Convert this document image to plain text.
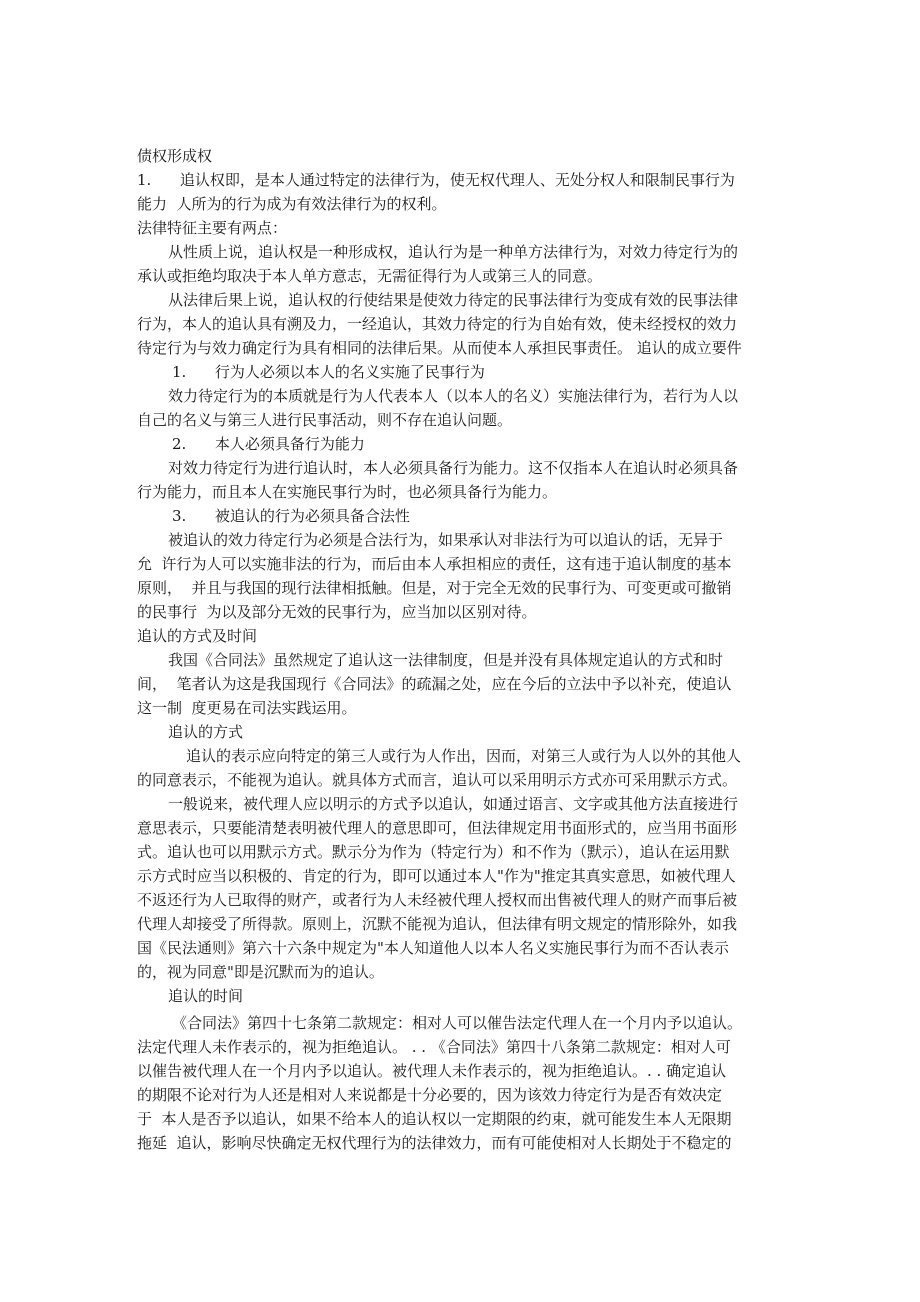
债权形成权
1.      追认权即，是本人通过特定的法律行为，使无权代理人、无处分权人和限制民事行为
能力  人所为的行为成为有效法律行为的权利。
法律特征主要有两点：
从性质上说，追认权是一种形成权，追认行为是一种单方法律行为，对效力待定行为的
承认或拒绝均取决于本人单方意志，无需征得行为人或第三人的同意。
从法律后果上说，追认权的行使结果是使效力待定的民事法律行为变成有效的民事法律
行为，本人的追认具有溯及力，一经追认，其效力待定的行为自始有效，使未经授权的效力
待定行为与效力确定行为具有相同的法律后果。从而使本人承担民事责任。 追认的成立要件
1.      行为人必须以本人的名义实施了民事行为
效力待定行为的本质就是行为人代表本人（以本人的名义）实施法律行为，若行为人以
自己的名义与第三人进行民事活动，则不存在追认问题。
2.      本人必须具备行为能力
对效力待定行为进行追认时，本人必须具备行为能力。这不仅指本人在追认时必须具备
行为能力，而且本人在实施民事行为时，也必须具备行为能力。
3.      被追认的行为必须具备合法性
被追认的效力待定行为必须是合法行为，如果承认对非法行为可以追认的话，无异于
允  许行为人可以实施非法的行为，而后由本人承担相应的责任，这有违于追认制度的基本
原则，  并且与我国的现行法律相抵触。但是，对于完全无效的民事行为、可变更或可撤销
的民事行  为以及部分无效的民事行为，应当加以区别对待。
追认的方式及时间
我国《合同法》虽然规定了追认这一法律制度，但是并没有具体规定追认的方式和时
间，  笔者认为这是我国现行《合同法》的疏漏之处，应在今后的立法中予以补充，使追认
这一制  度更易在司法实践运用。
追认的方式
追认的表示应向特定的第三人或行为人作出，因而，对第三人或行为人以外的其他人
的同意表示，不能视为追认。就具体方式而言，追认可以采用明示方式亦可采用默示方式。
一般说来，被代理人应以明示的方式予以追认，如通过语言、文字或其他方法直接进行
意思表示，只要能清楚表明被代理人的意思即可，但法律规定用书面形式的，应当用书面形
式。追认也可以用默示方式。默示分为作为（特定行为）和不作为（默示），追认在运用默
示方式时应当以积极的、肯定的行为，即可以通过本人"作为"推定其真实意思，如被代理人
不返还行为人已取得的财产，或者行为人未经被代理人授权而出售被代理人的财产而事后被
代理人却接受了所得款。原则上，沉默不能视为追认，但法律有明文规定的情形除外，如我
国《民法通则》第六十六条中规定为"本人知道他人以本人名义实施民事行为而不否认表示
的，视为同意"即是沉默而为的追认。
追认的时间
《合同法》第四十七条第二款规定：相对人可以催告法定代理人在一个月内予以追认。
法定代理人未作表示的，视为拒绝追认。 . . 《合同法》第四十八条第二款规定：相对人可
以催告被代理人在一个月内予以追认。被代理人未作表示的，视为拒绝追认。. . 确定追认
的期限不论对行为人还是相对人来说都是十分必要的，因为该效力待定行为是否有效决定
于  本人是否予以追认，如果不给本人的追认权以一定期限的约束，就可能发生本人无限期
拖延  追认，影响尽快确定无权代理行为的法律效力，而有可能使相对人长期处于不稳定的
